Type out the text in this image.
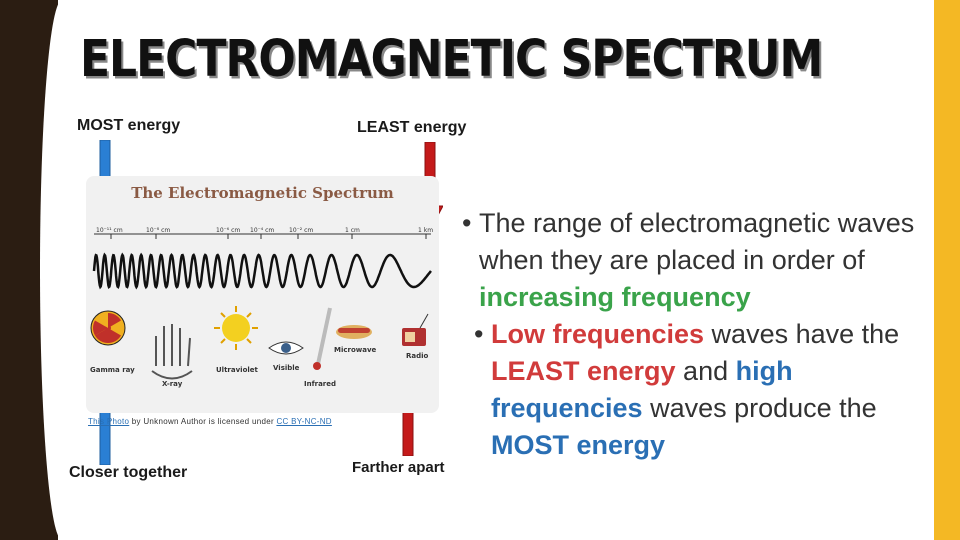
ELECTROMAGNETIC SPECTRUM
MOST energy	LEAST energy
The Electromagnetic Spectrum
10⁻¹¹ cm	10⁻⁸ cm	10⁻⁶ cm 10⁻⁴ cm 10⁻² cm	1 cm	1 km
Gamma ray
X-ray
Ultraviolet Visible
Infrared
Microwave
Radio
This Photo by Unknown Author is licensed under CC BY-NC-ND
Closer together	Farther apart
• The range of electromagnetic waves when they are placed in order of increasing frequency
• Low frequencies waves have the LEAST energy and high frequencies waves produce the MOST energy
